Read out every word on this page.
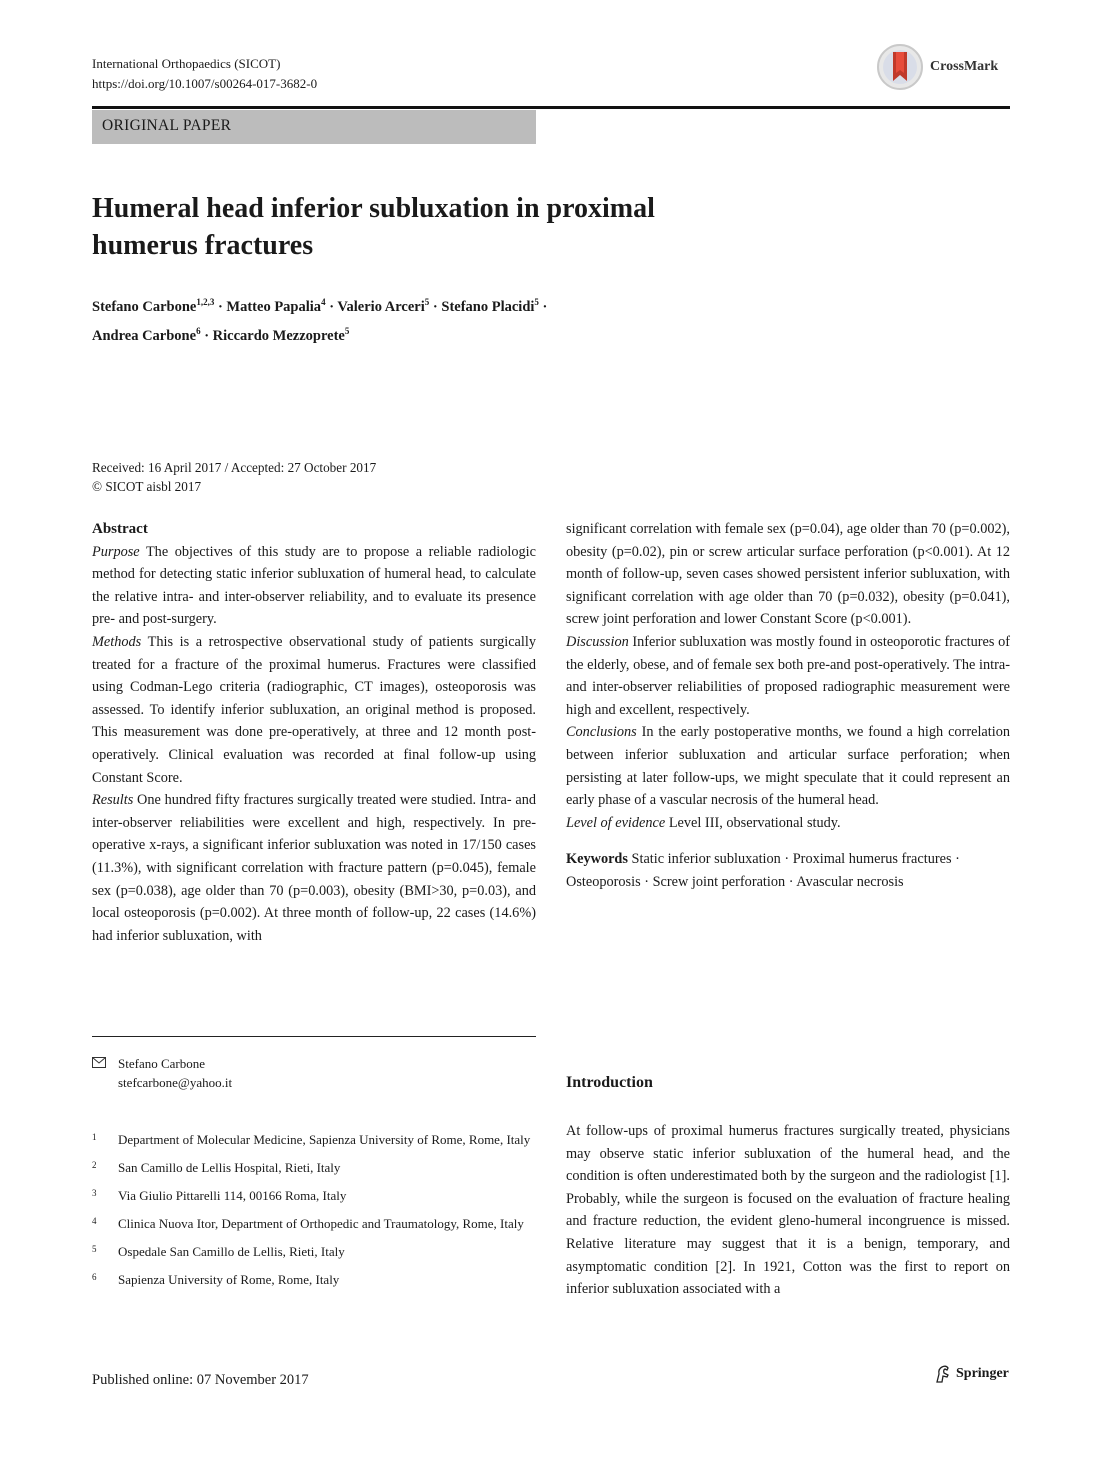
International Orthopaedics (SICOT)
https://doi.org/10.1007/s00264-017-3682-0
CrossMark
ORIGINAL PAPER
Humeral head inferior subluxation in proximal
humerus fractures
Stefano Carbone$^{1,2,3}$ · Matteo Papalia$^4$ · Valerio Arceri$^5$ · Stefano Placidi$^5$ ·
Andrea Carbone$^6$ · Riccardo Mezzoprete$^5$
Received: 16 April 2017 / Accepted: 27 October 2017
© SICOT aisbl 2017
Abstract

Purpose The objectives of this study are to propose a reliable radiologic method for detecting static inferior subluxation of humeral head, to calculate the relative intra- and inter-observer reliability, and to evaluate its presence pre- and post-surgery.

Methods This is a retrospective observational study of patients surgically treated for a fracture of the proximal humerus. Fractures were classified using Codman-Lego criteria (radiographic, CT images), osteoporosis was assessed. To identify inferior subluxation, an original method is proposed. This measurement was done pre-operatively, at three and 12 month post-operatively. Clinical evaluation was recorded at final follow-up using Constant Score.

Results One hundred fifty fractures surgically treated were studied. Intra- and inter-observer reliabilities were excellent and high, respectively. In pre-operative x-rays, a significant inferior subluxation was noted in 17/150 cases (11.3%), with significant correlation with fracture pattern (p=0.045), female sex (p=0.038), age older than 70 (p=0.003), obesity (BMI>30, p=0.03), and local osteoporosis (p=0.002). At three month of follow-up, 22 cases (14.6%) had inferior subluxation, with

significant correlation with female sex (p=0.04), age older than 70 (p=0.002), obesity (p=0.02), pin or screw articular surface perforation (p<0.001). At 12 month of follow-up, seven cases showed persistent inferior subluxation, with significant correlation with age older than 70 (p=0.032), obesity (p=0.041), screw joint perforation and lower Constant Score (p<0.001).

Discussion Inferior subluxation was mostly found in osteoporotic fractures of the elderly, obese, and of female sex both pre-and post-operatively. The intra- and inter-observer reliabilities of proposed radiographic measurement were high and excellent, respectively.

Conclusions In the early postoperative months, we found a high correlation between inferior subluxation and articular surface perforation; when persisting at later follow-ups, we might speculate that it could represent an early phase of a vascular necrosis of the humeral head.

Level of evidence Level III, observational study.

Keywords Static inferior subluxation · Proximal humerus fractures · Osteoporosis · Screw joint perforation · Avascular necrosis

Stefano Carbone
stefcarbone@yahoo.it
1	Department of Molecular Medicine, Sapienza University of Rome, Rome, Italy
2	San Camillo de Lellis Hospital, Rieti, Italy
3	Via Giulio Pittarelli 114, 00166 Roma, Italy
4	Clinica Nuova Itor, Department of Orthopedic and Traumatology, Rome, Italy
5	Ospedale San Camillo de Lellis, Rieti, Italy
6	Sapienza University of Rome, Rome, Italy
Introduction
At follow-ups of proximal humerus fractures surgically treated, physicians may observe static inferior subluxation of the humeral head, and the condition is often underestimated both by the surgeon and the radiologist [1]. Probably, while the surgeon is focused on the evaluation of fracture healing and fracture reduction, the evident gleno-humeral incongruence is missed. Relative literature may suggest that it is a benign, temporary, and asymptomatic condition [2]. In 1921, Cotton was the first to report on inferior subluxation associated with a
Published online: 07 November 2017	Springer
